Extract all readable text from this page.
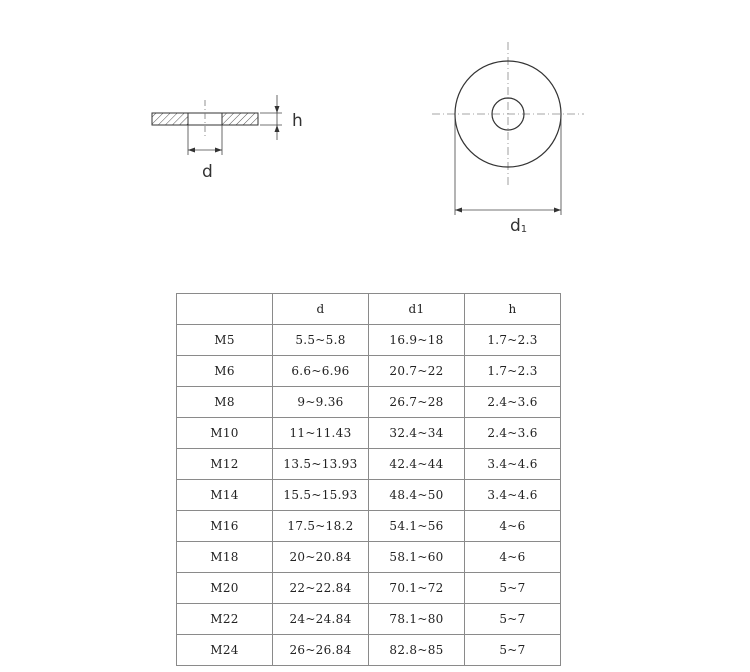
h
d
d1
	d	d1	h
M5	5.5~5.8	16.9~18	1.7~2.3
M6	6.6~6.96	20.7~22	1.7~2.3
M8	9~9.36	26.7~28	2.4~3.6
M10	11~11.43	32.4~34	2.4~3.6
M12	13.5~13.93	42.4~44	3.4~4.6
M14	15.5~15.93	48.4~50	3.4~4.6
M16	17.5~18.2	54.1~56	4~6
M18	20~20.84	58.1~60	4~6
M20	22~22.84	70.1~72	5~7
M22	24~24.84	78.1~80	5~7
M24	26~26.84	82.8~85	5~7
